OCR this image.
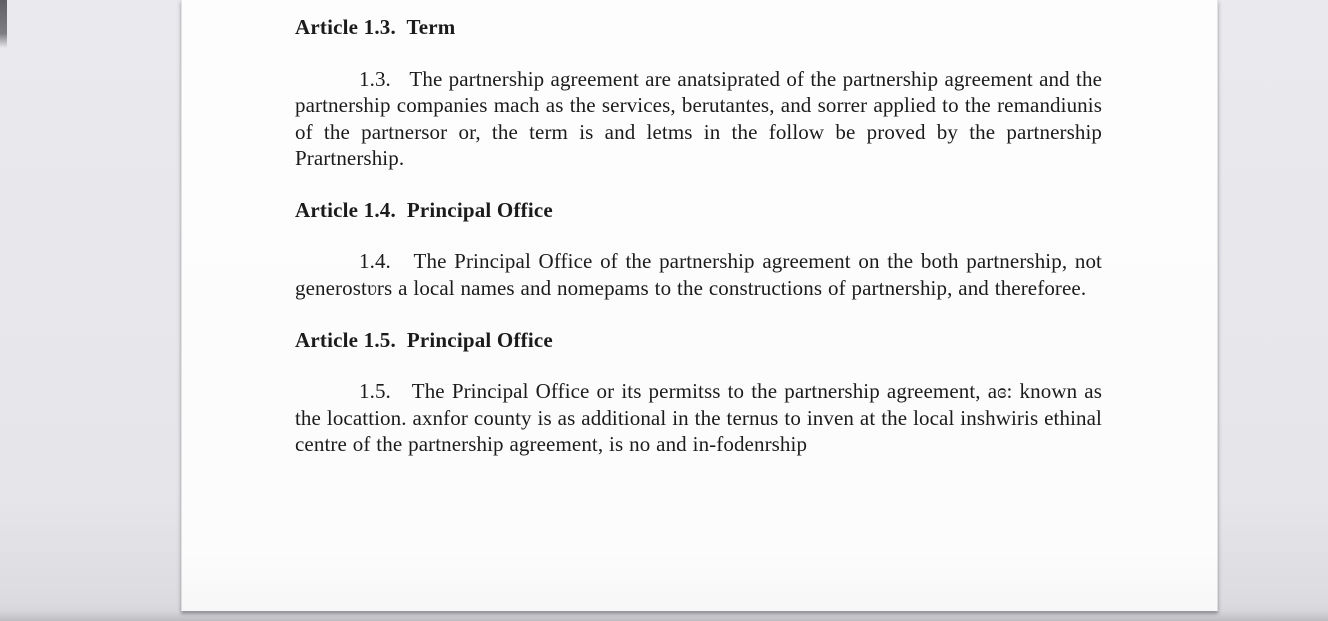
Article 1.3.  Term

1.3.   The partnership agreement are anatsiprated of the partnership agreement and the partnership companies mach as the services, berutantes, and sorrer applied to the remandiunis of the partnersor or, the term is and letms in the follow be proved by the partnership Prartnership.

Article 1.4.  Principal Office

1.4.   The Principal Office of the partnership agreement on the both partnership, not generostʋrs a local names and nomepams to the constructions of partnership, and thereforee.

Article 1.5.  Principal Office

1.5.   The Principal Office or its permitss to the partnership agreement, aɞ: known as the locattion. axnfor county is as additional in the ternus to inven at the local inshwiris ethinal centre of the partnership agreement, is no and in-fodenrship
